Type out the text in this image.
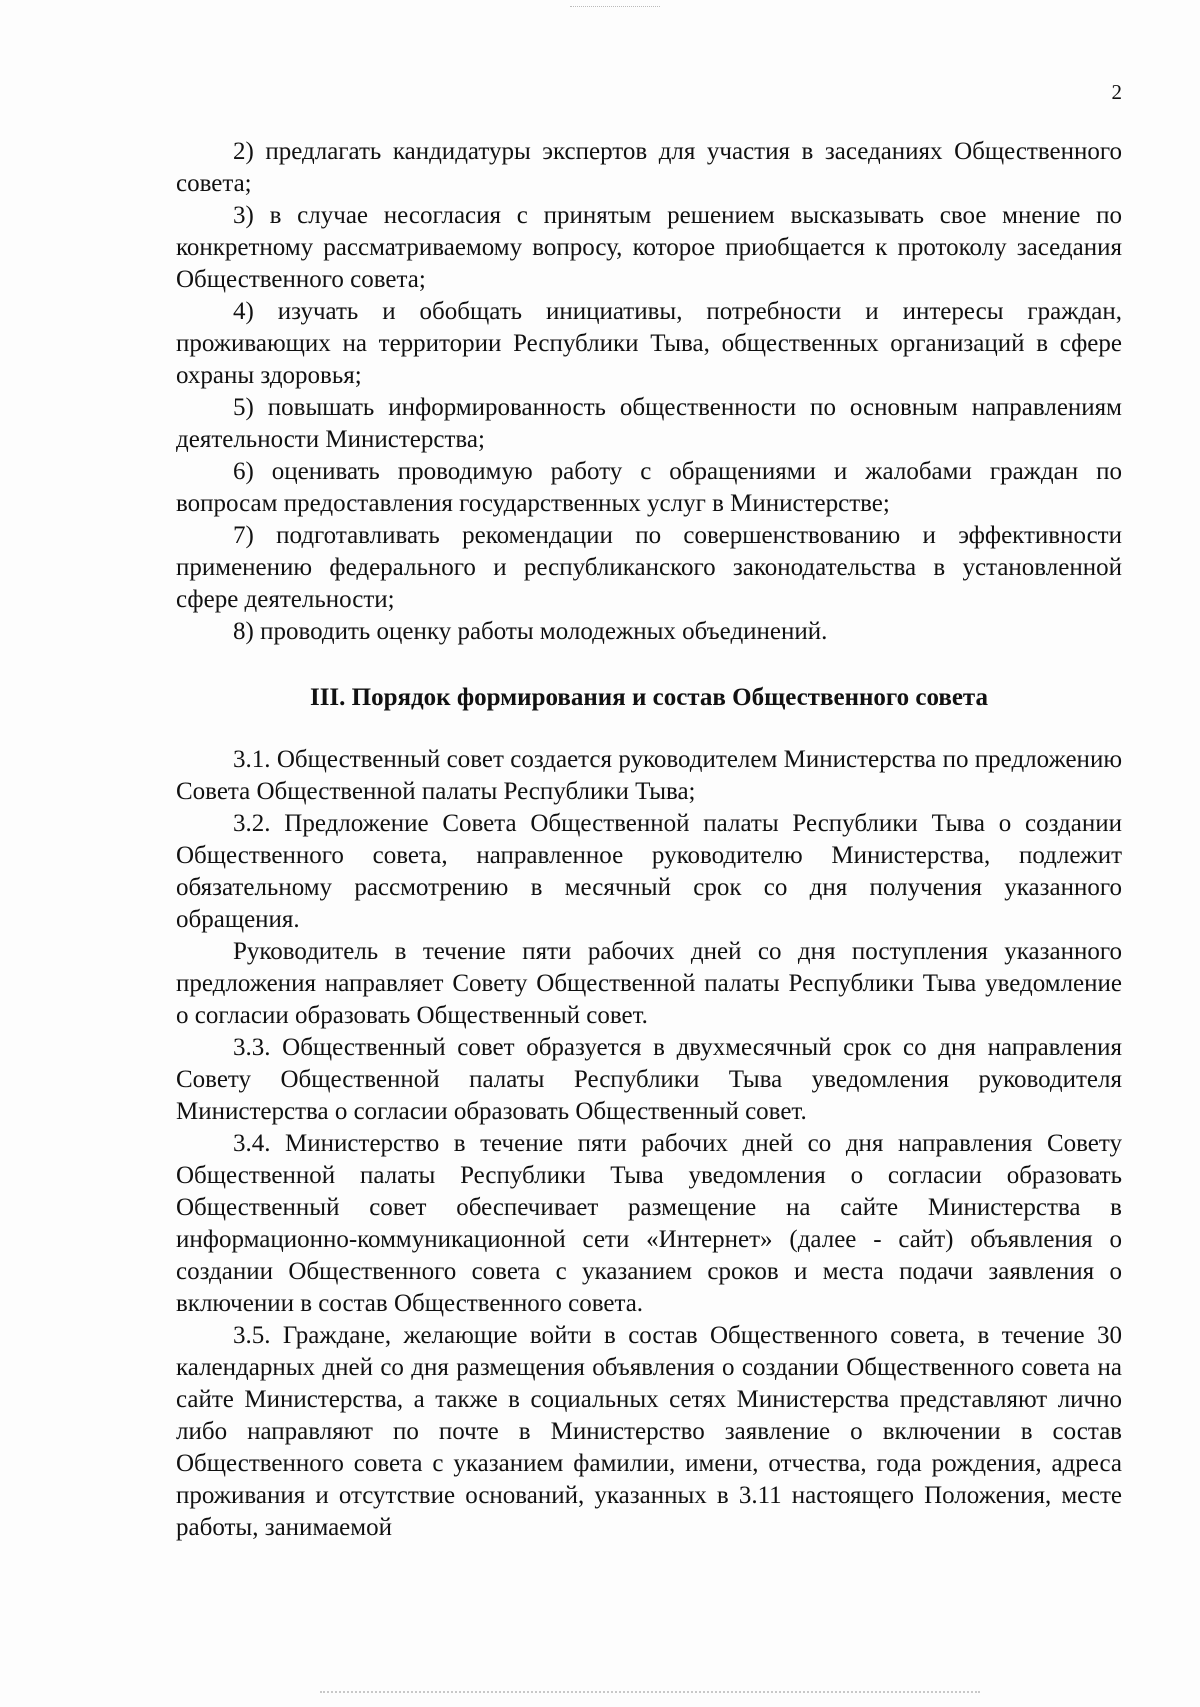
2

2) предлагать кандидатуры экспертов для участия в заседаниях Общественного совета;

3) в случае несогласия с принятым решением высказывать свое мнение по конкретному рассматриваемому вопросу, которое приобщается к протоколу заседания Общественного совета;

4) изучать и обобщать инициативы, потребности и интересы граждан, проживающих на территории Республики Тыва, общественных организаций в сфере охраны здоровья;

5) повышать информированность общественности по основным направлениям деятельности Министерства;

6) оценивать проводимую работу с обращениями и жалобами граждан по вопросам предоставления государственных услуг в Министерстве;

7) подготавливать рекомендации по совершенствованию и эффективности применению федерального и республиканского законодательства в установленной сфере деятельности;

8) проводить оценку работы молодежных объединений.

III. Порядок формирования и состав Общественного совета

3.1. Общественный совет создается руководителем Министерства по предложению Совета Общественной палаты Республики Тыва;

3.2. Предложение Совета Общественной палаты Республики Тыва о создании Общественного совета, направленное руководителю Министерства, подлежит обязательному рассмотрению в месячный срок со дня получения указанного обращения.

Руководитель в течение пяти рабочих дней со дня поступления указанного предложения направляет Совету Общественной палаты Республики Тыва уведомление о согласии образовать Общественный совет.

3.3. Общественный совет образуется в двухмесячный срок со дня направления Совету Общественной палаты Республики Тыва уведомления руководителя Министерства о согласии образовать Общественный совет.

3.4. Министерство в течение пяти рабочих дней со дня направления Совету Общественной палаты Республики Тыва уведомления о согласии образовать Общественный совет обеспечивает размещение на сайте Министерства в информационно-коммуникационной сети «Интернет» (далее - сайт) объявления о создании Общественного совета с указанием сроков и места подачи заявления о включении в состав Общественного совета.

3.5. Граждане, желающие войти в состав Общественного совета, в течение 30 календарных дней со дня размещения объявления о создании Общественного совета на сайте Министерства, а также в социальных сетях Министерства представляют лично либо направляют по почте в Министерство заявление о включении в состав Общественного совета с указанием фамилии, имени, отчества, года рождения, адреса проживания и отсутствие оснований, указанных в 3.11 настоящего Положения, месте работы, занимаемой
